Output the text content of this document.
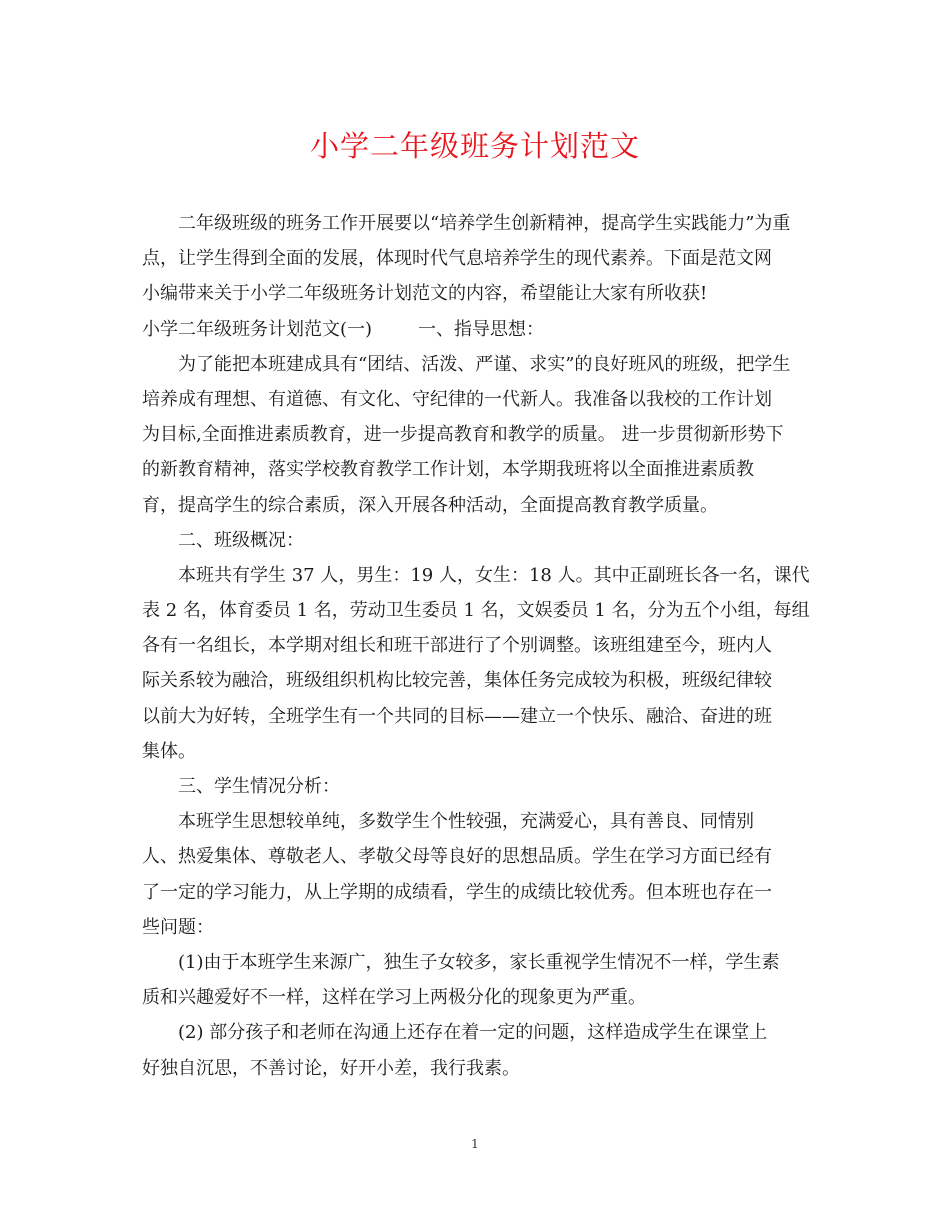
小学二年级班务计划范文
二年级班级的班务工作开展要以“培养学生创新精神，提高学生实践能力”为重
点，让学生得到全面的发展，体现时代气息培养学生的现代素养。下面是范文网
小编带来关于小学二年级班务计划范文的内容，希望能让大家有所收获!
小学二年级班务计划范文(一)	一、指导思想：
为了能把本班建成具有“团结、活泼、严谨、求实”的良好班风的班级，把学生
培养成有理想、有道德、有文化、守纪律的一代新人。我准备以我校的工作计划
为目标,全面推进素质教育，进一步提高教育和教学的质量。 进一步贯彻新形势下
的新教育精神，落实学校教育教学工作计划，本学期我班将以全面推进素质教
育，提高学生的综合素质，深入开展各种活动，全面提高教育教学质量。
二、班级概况：
本班共有学生 37 人，男生：19 人，女生：18 人。其中正副班长各一名，课代
表 2 名，体育委员 1 名，劳动卫生委员 1 名，文娱委员 1 名，分为五个小组，每组
各有一名组长，本学期对组长和班干部进行了个别调整。该班组建至今，班内人
际关系较为融洽，班级组织机构比较完善，集体任务完成较为积极，班级纪律较
以前大为好转，全班学生有一个共同的目标——建立一个快乐、融洽、奋进的班
集体。
三、学生情况分析：
本班学生思想较单纯，多数学生个性较强，充满爱心，具有善良、同情别
人、热爱集体、尊敬老人、孝敬父母等良好的思想品质。学生在学习方面已经有
了一定的学习能力，从上学期的成绩看，学生的成绩比较优秀。但本班也存在一
些问题：
(1)由于本班学生来源广，独生子女较多，家长重视学生情况不一样，学生素
质和兴趣爱好不一样，这样在学习上两极分化的现象更为严重。
(2) 部分孩子和老师在沟通上还存在着一定的问题，这样造成学生在课堂上
好独自沉思，不善讨论，好开小差，我行我素。
1
